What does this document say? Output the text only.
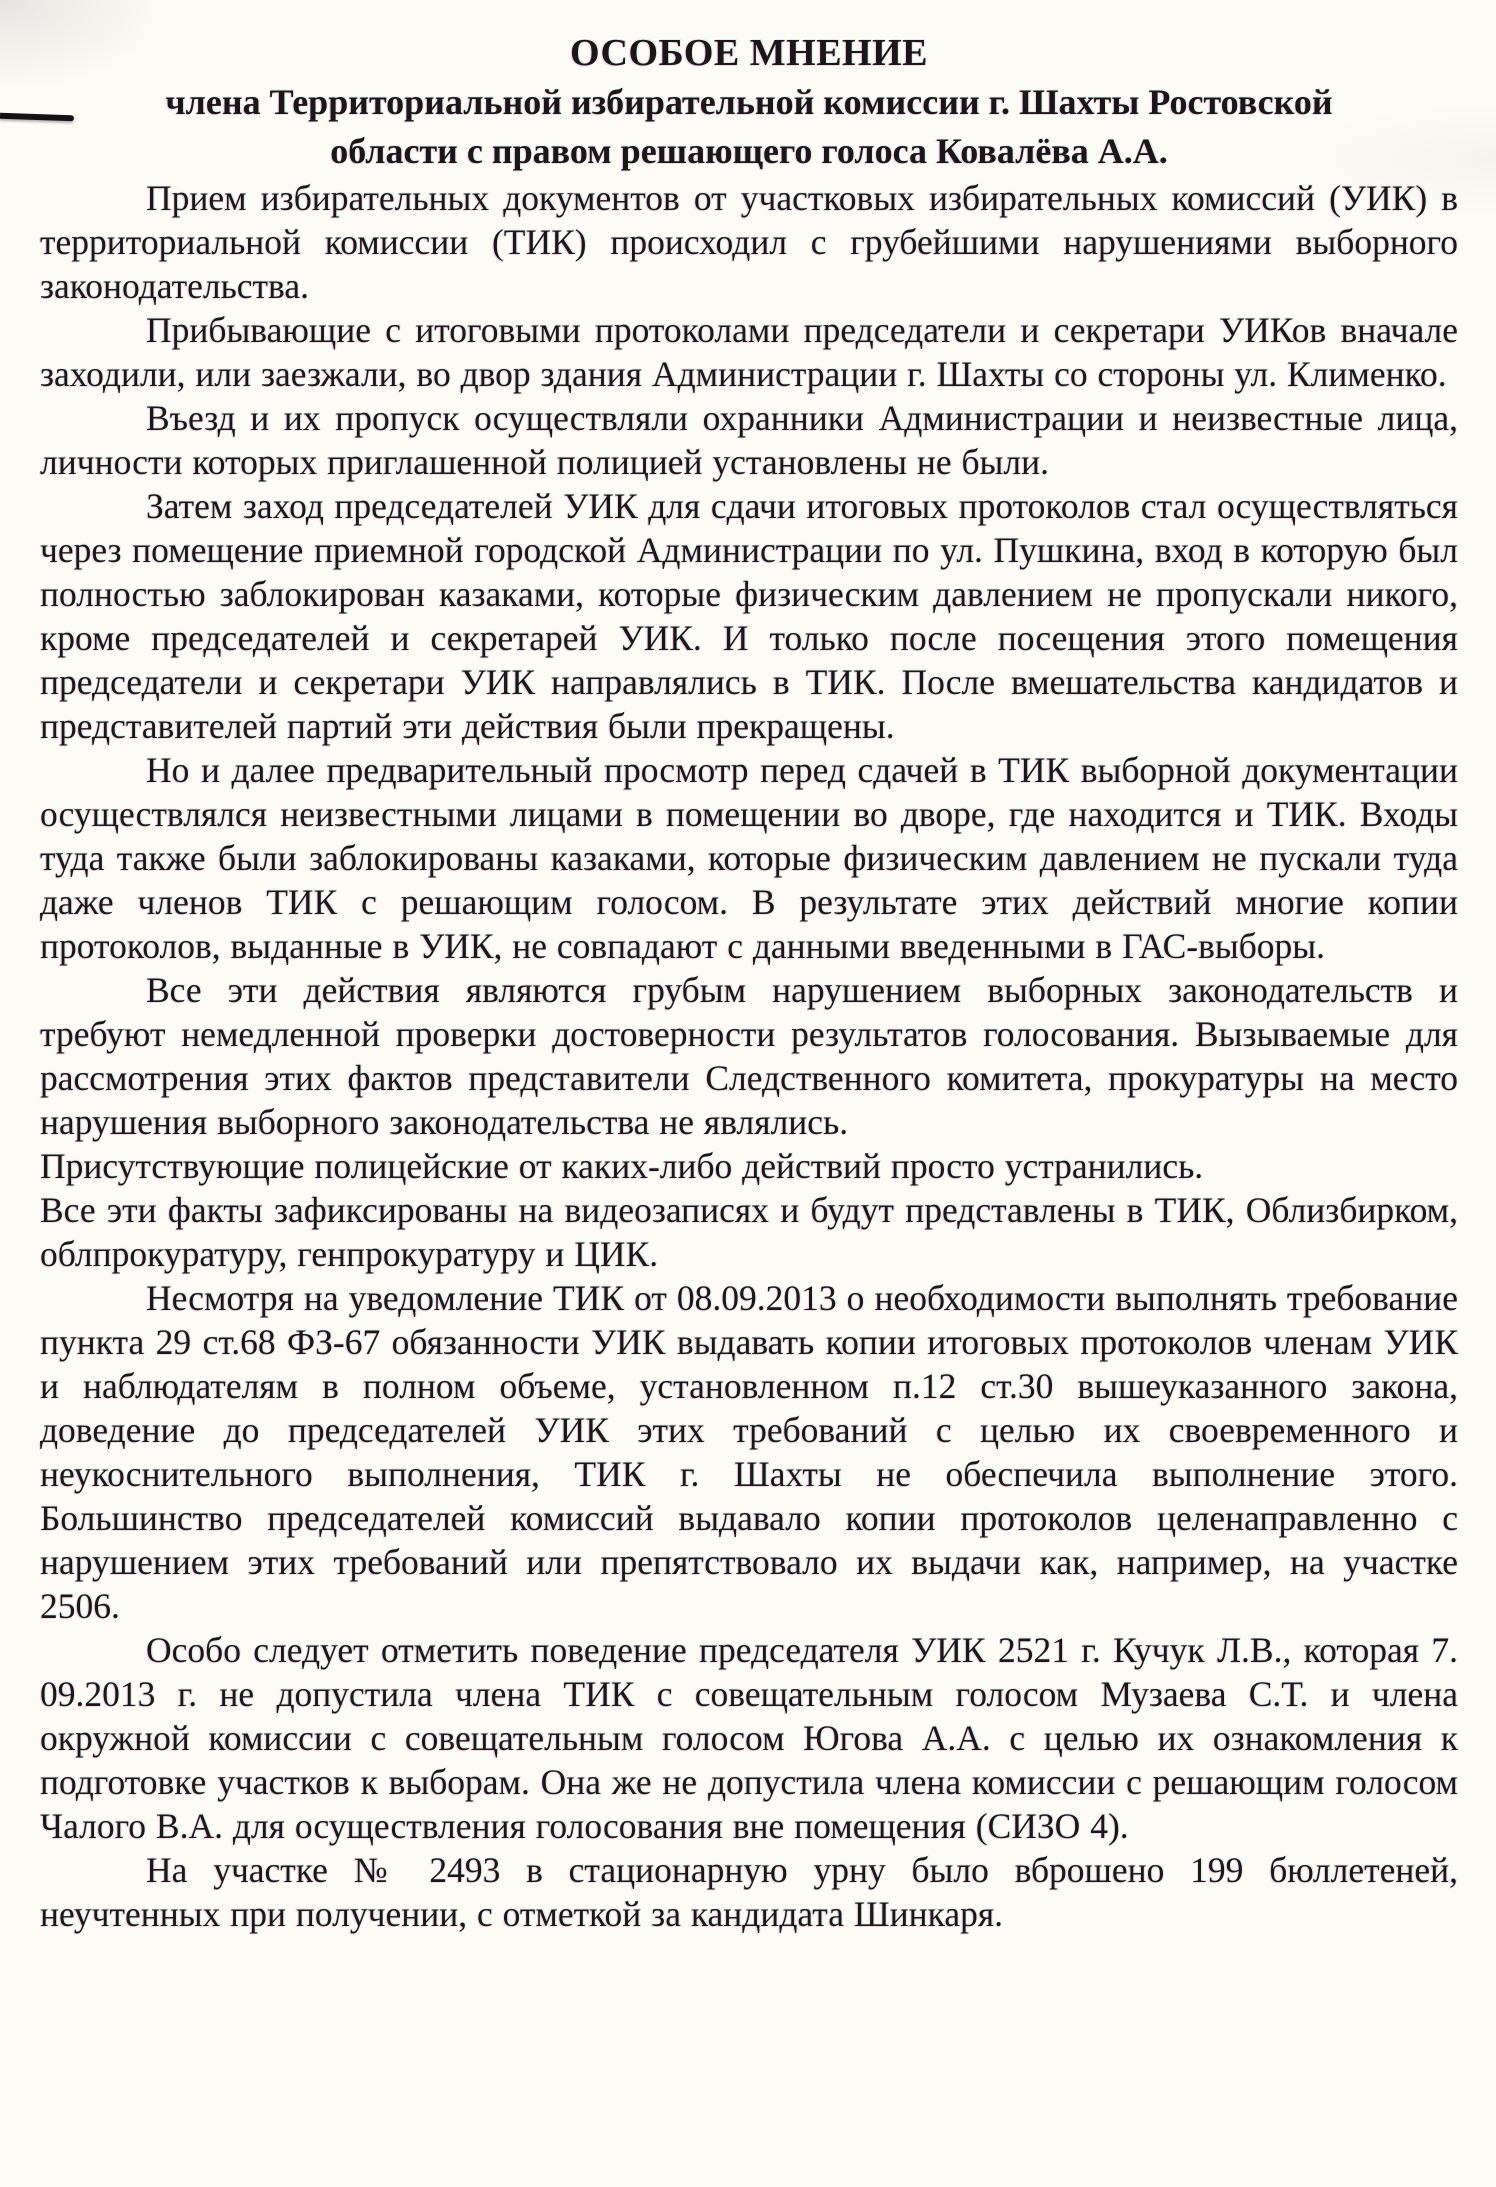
ОСОБОЕ МНЕНИЕ
члена Территориальной избирательной комиссии г. Шахты Ростовской
области с правом решающего голоса Ковалёва А.А.

Прием избирательных документов от участковых избирательных комиссий (УИК) в территориальной комиссии (ТИК) происходил с грубейшими нарушениями выборного законодательства.

Прибывающие с итоговыми протоколами председатели и секретари УИКов вначале заходили, или заезжали, во двор здания Администрации г. Шахты со стороны ул. Клименко.

Въезд и их пропуск осуществляли охранники Администрации и неизвестные лица, личности которых приглашенной полицией установлены не были.

Затем заход председателей УИК для сдачи итоговых протоколов стал осуществляться через помещение приемной городской Администрации по ул. Пушкина, вход в которую был полностью заблокирован казаками, которые физическим давлением не пропускали никого, кроме председателей и секретарей УИК. И только после посещения этого помещения председатели и секретари УИК направлялись в ТИК. После вмешательства кандидатов и представителей партий эти действия были прекращены.

Но и далее предварительный просмотр перед сдачей в ТИК выборной документации осуществлялся неизвестными лицами в помещении во дворе, где находится и ТИК. Входы туда также были заблокированы казаками, которые физическим давлением не пускали туда даже членов ТИК с решающим голосом. В результате этих действий многие копии протоколов, выданные в УИК, не совпадают с данными введенными в ГАС-выборы.

Все эти действия являются грубым нарушением выборных законодательств и требуют немедленной проверки достоверности результатов голосования. Вызываемые для рассмотрения этих фактов представители Следственного комитета, прокуратуры на место нарушения выборного законодательства не являлись.

Присутствующие полицейские от каких-либо действий просто устранились.

Все эти факты зафиксированы на видеозаписях и будут представлены в ТИК, Облизбирком, облпрокуратуру, генпрокуратуру и ЦИК.

Несмотря на уведомление ТИК от 08.09.2013 о необходимости выполнять требование пункта 29 ст.68 ФЗ-67 обязанности УИК выдавать копии итоговых протоколов членам УИК и наблюдателям в полном объеме, установленном п.12 ст.30 вышеуказанного закона, доведение до председателей УИК этих требований с целью их своевременного и неукоснительного выполнения, ТИК г. Шахты не обеспечила выполнение этого. Большинство председателей комиссий выдавало копии протоколов целенаправленно с нарушением этих требований или препятствовало их выдачи как, например, на участке 2506.

Особо следует отметить поведение председателя УИК 2521 г. Кучук Л.В., которая 7. 09.2013 г. не допустила члена ТИК с совещательным голосом Музаева С.Т. и члена окружной комиссии с совещательным голосом Югова А.А. с целью их ознакомления к подготовке участков к выборам. Она же не допустила члена комиссии с решающим голосом Чалого В.А. для осуществления голосования вне помещения (СИЗО 4).

На участке № 2493 в стационарную урну было вброшено 199 бюллетеней, неучтенных при получении, с отметкой за кандидата Шинкаря.
